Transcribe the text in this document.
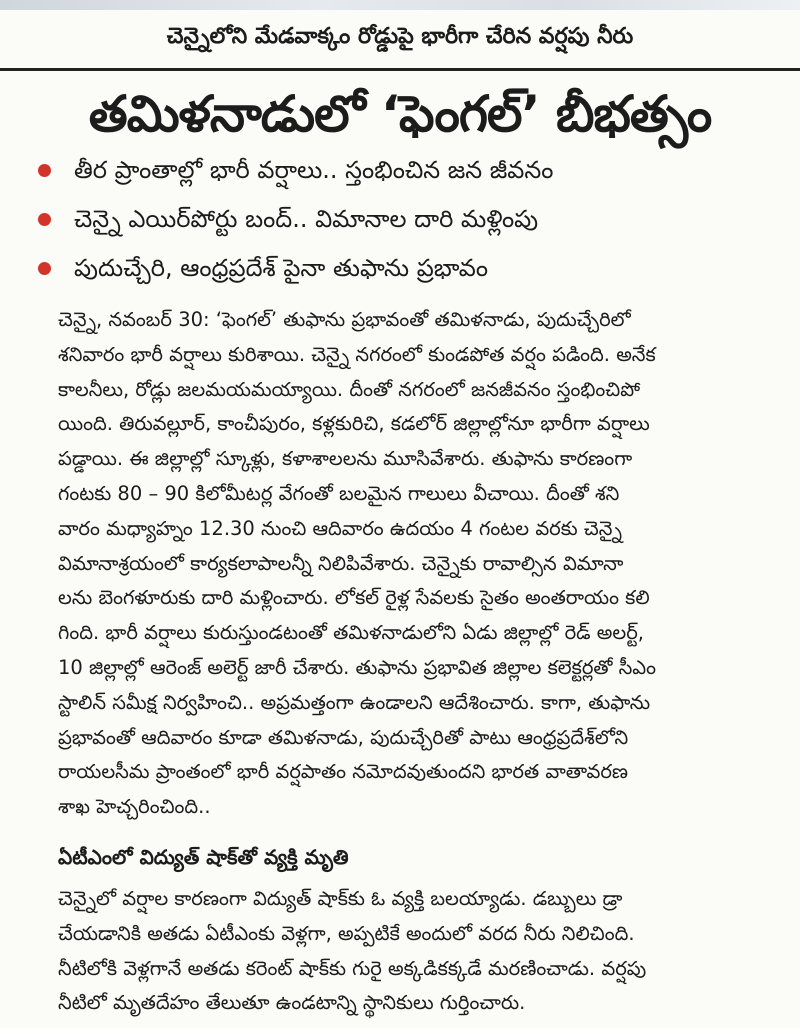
చెన్నైలోని మేడవాక్కం రోడ్డుపై భారీగా చేరిన వర్షపు నీరు
తమిళనాడులో ‘ఫెంగల్’ బీభత్సం
తీర ప్రాంతాల్లో భారీ వర్షాలు.. స్తంభించిన జన జీవనం
చెన్నై ఎయిర్‌పోర్టు బంద్.. విమానాల దారి మళ్లింపు
పుదుచ్చేరి, ఆంధ్రప్రదేశ్ పైనా తుఫాను ప్రభావం
చెన్నై, నవంబర్ 30: ‘ఫెంగల్’ తుఫాను ప్రభావంతో తమిళనాడు, పుదుచ్చేరిలో
శనివారం భారీ వర్షాలు కురిశాయి. చెన్నై నగరంలో కుండపోత వర్షం పడింది. అనేక
కాలనీలు, రోడ్లు జలమయమయ్యాయి. దీంతో నగరంలో జనజీవనం స్తంభించిపో
యింది. తిరువల్లూర్, కాంచీపురం, కళ్లకురిచి, కడలోర్ జిల్లాల్లోనూ భారీగా వర్షాలు
పడ్డాయి. ఈ జిల్లాల్లో స్కూళ్లు, కళాశాలలను మూసివేశారు. తుఫాను కారణంగా
గంటకు 80 – 90 కిలోమీటర్ల వేగంతో బలమైన గాలులు వీచాయి. దీంతో శని
వారం మధ్యాహ్నం 12.30 నుంచి ఆదివారం ఉదయం 4 గంటల వరకు చెన్నై
విమానాశ్రయంలో కార్యకలాపాలన్నీ నిలిపివేశారు. చెన్నైకు రావాల్సిన విమానా
లను బెంగళూరుకు దారి మళ్లించారు. లోకల్ రైళ్ల సేవలకు సైతం అంతరాయం కలి
గింది. భారీ వర్షాలు కురుస్తుండటంతో తమిళనాడులోని ఏడు జిల్లాల్లో రెడ్ అలర్ట్,
10 జిల్లాల్లో ఆరెంజ్ అలెర్ట్ జారీ చేశారు. తుఫాను ప్రభావిత జిల్లాల కలెక్టర్లతో సీఎం
స్టాలిన్ సమీక్ష నిర్వహించి.. అప్రమత్తంగా ఉండాలని ఆదేశించారు. కాగా, తుఫాను
ప్రభావంతో ఆదివారం కూడా తమిళనాడు, పుదుచ్చేరితో పాటు ఆంధ్రప్రదేశ్‌లోని
రాయలసీమ ప్రాంతంలో భారీ వర్షపాతం నమోదవుతుందని భారత వాతావరణ
శాఖ హెచ్చరించింది..
ఏటీఎంలో విద్యుత్ షాక్‌తో వ్యక్తి మృతి
చెన్నైలో వర్షాల కారణంగా విద్యుత్ షాక్‌కు ఓ వ్యక్తి బలయ్యాడు. డబ్బులు డ్రా
చేయడానికి అతడు ఏటీఎంకు వెళ్లగా, అప్పటికే అందులో వరద నీరు నిలిచింది.
నీటిలోకి వెళ్లగానే అతడు కరెంట్ షాక్‌కు గురై అక్కడికక్కడే మరణించాడు. వర్షపు
నీటిలో మృతదేహం తేలుతూ ఉండటాన్ని స్థానికులు గుర్తించారు.
